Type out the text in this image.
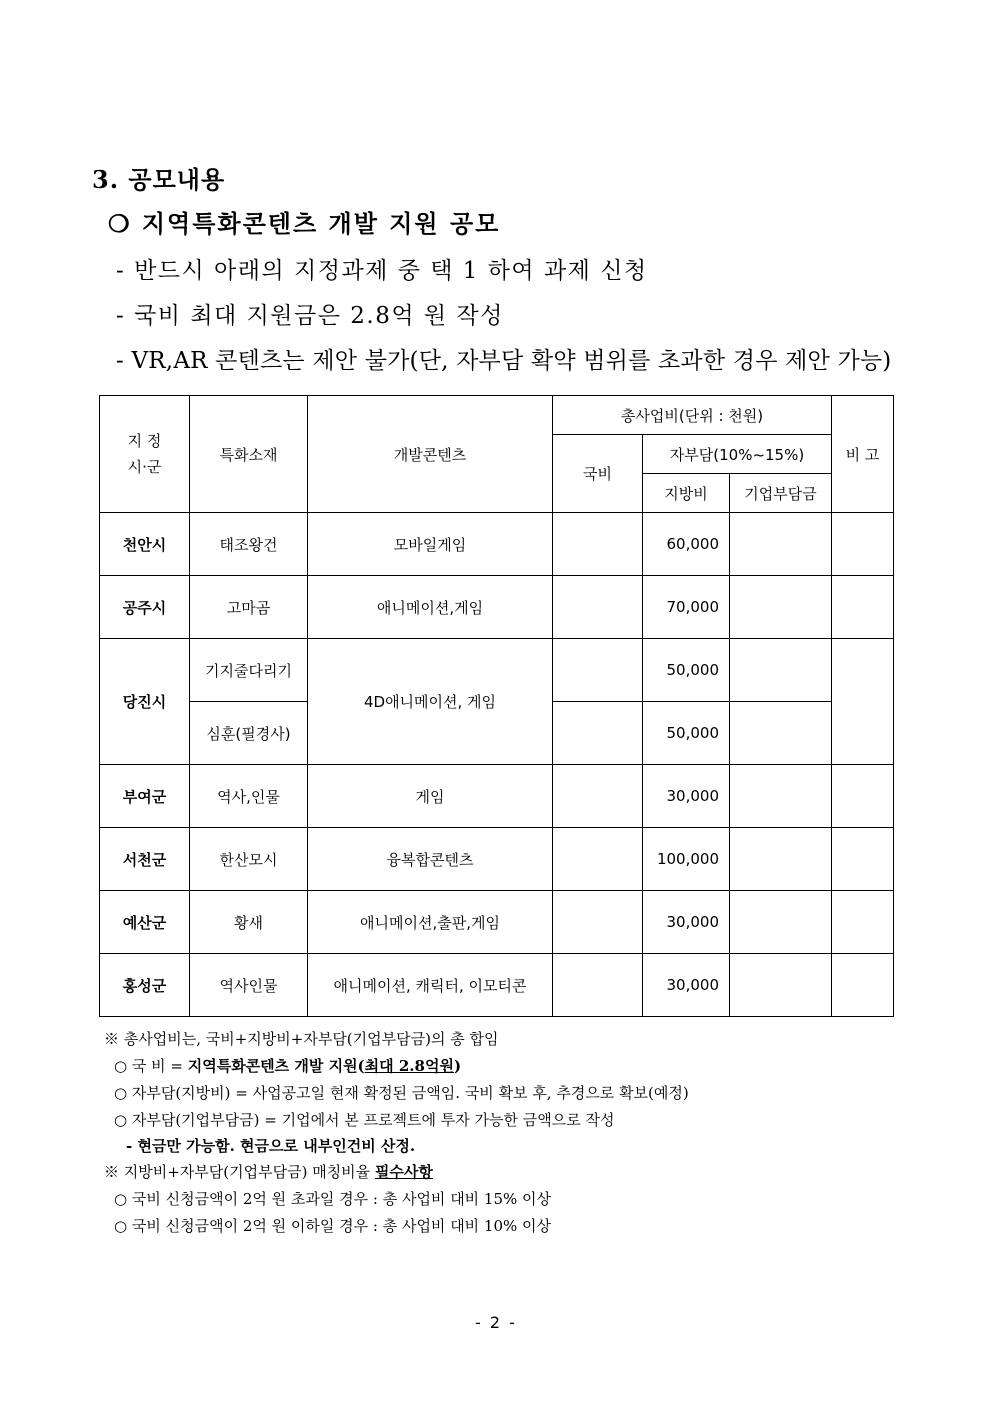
3. 공모내용
❍ 지역특화콘텐츠 개발 지원 공모
- 반드시 아래의 지정과제 중 택 1 하여 과제 신청
- 국비 최대 지원금은 2.8억 원 작성
- VR,AR 콘텐츠는 제안 불가(단, 자부담 확약 범위를 초과한 경우 제안 가능)
지 정
시·군	특화소재	개발콘텐츠	총사업비(단위 : 천원)			비 고
			국비	자부담(10%~15%)		
				지방비	기업부담금	
천안시	태조왕건	모바일게임		60,000		
공주시	고마곰	애니메이션,게임		70,000		
당진시	기지줄다리기	4D애니메이션, 게임		50,000		
	심훈(필경사)			50,000		
부여군	역사,인물	게임		30,000		
서천군	한산모시	융복합콘텐츠		100,000		
예산군	황새	애니메이션,출판,게임		30,000		
홍성군	역사인물	애니메이션, 캐릭터, 이모티콘		30,000		
※ 총사업비는, 국비+지방비+자부담(기업부담금)의 총 합임
○ 국 비 = 지역특화콘텐츠 개발 지원(최대 2.8억원)
○ 자부담(지방비) = 사업공고일 현재 확정된 금액임. 국비 확보 후, 추경으로 확보(예정)
○ 자부담(기업부담금) = 기업에서 본 프로젝트에 투자 가능한 금액으로 작성
- 현금만 가능함. 현금으로 내부인건비 산정.
※ 지방비+자부담(기업부담금) 매칭비율 필수사항
○ 국비 신청금액이 2억 원 초과일 경우 : 총 사업비 대비 15% 이상
○ 국비 신청금액이 2억 원 이하일 경우 : 총 사업비 대비 10% 이상
- 2 -
